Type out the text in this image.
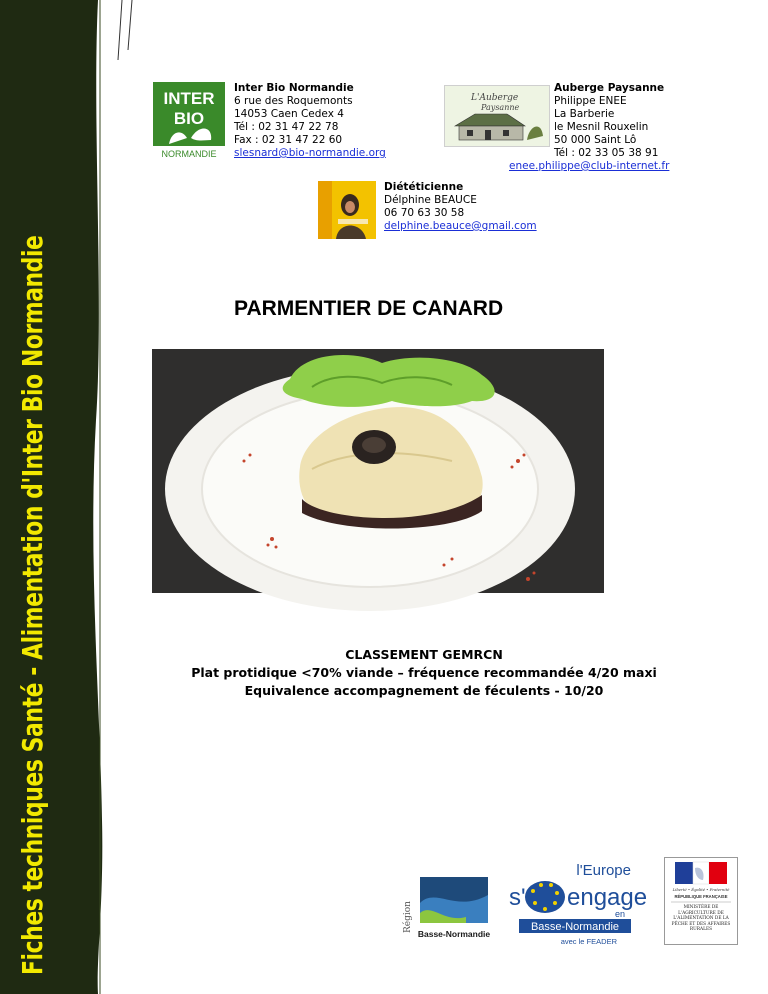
Fiches techniques Santé - Alimentation d'Inter Bio Normandie
INTER
BIO
NORMANDIE
Inter Bio Normandie
6 rue des Roquemonts
14053 Caen Cedex 4
Tél : 02 31 47 22 78
Fax : 02 31 47 22 60
slesnard@bio-normandie.org
L'Auberge
Paysanne
Auberge Paysanne
Philippe ENEE
La Barberie
le Mesnil Rouxelin
50 000 Saint Lô
Tél : 02 33 05 38 91
enee.philippe@club-internet.fr
Diététicienne
Délphine BEAUCE
06 70 63 30 58
delphine.beauce@gmail.com
PARMENTIER DE CANARD
CLASSEMENT GEMRCN
Plat protidique <70% viande – fréquence recommandée 4/20 maxi
Equivalence accompagnement de féculents - 10/20
Région
Basse-Normandie
l'Europe
s' engage
en
Basse-Normandie
avec le FEADER
Liberté • Égalité • Fraternité
RÉPUBLIQUE FRANÇAISE
MINISTÈRE DE L'AGRICULTURE DE L'ALIMENTATION DE LA PÊCHE ET DES AFFAIRES RURALES
